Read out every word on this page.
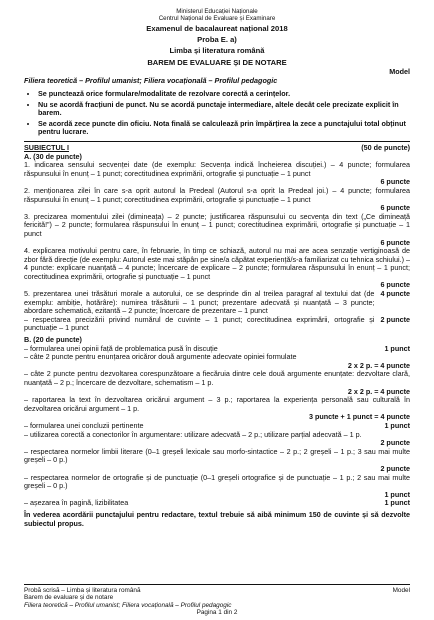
Ministerul Educației Naționale
Centrul Național de Evaluare și Examinare
Examenul de bacalaureat național 2018
Proba E. a)
Limba și literatura română
BAREM DE EVALUARE ȘI DE NOTARE
Model
Filiera teoretică – Profilul umanist; Filiera vocațională – Profilul pedagogic
• Se punctează orice formulare/modalitate de rezolvare corectă a cerințelor.
• Nu se acordă fracțiuni de punct. Nu se acordă punctaje intermediare, altele decât cele precizate explicit în barem.
• Se acordă zece puncte din oficiu. Nota finală se calculează prin împărțirea la zece a punctajului total obținut pentru lucrare.
SUBIECTUL I	(50 de puncte)
A. (30 de puncte)
1. indicarea sensului secvenței date (de exemplu: Secvența indică încheierea discuției.) – 4 puncte; formularea răspunsului în enunț – 1 punct; corectitudinea exprimării, ortografie și punctuație – 1 punct
6 puncte
2. menționarea zilei în care s-a oprit autorul la Predeal (Autorul s-a oprit la Predeal joi.) – 4 puncte; formularea răspunsului în enunț – 1 punct; corectitudinea exprimării, ortografie și punctuație – 1 punct
6 puncte
3. precizarea momentului zilei (dimineața) – 2 puncte; justificarea răspunsului cu secvența din text („Ce dimineață fericită!”) – 2 puncte; formularea răspunsului în enunț – 1 punct; corectitudinea exprimării, ortografie și punctuație – 1 punct
6 puncte
4. explicarea motivului pentru care, în februarie, în timp ce schiază, autorul nu mai are acea senzație vertiginoasă de zbor fără direcție (de exemplu: Autorul este mai stăpân pe sine/a căpătat experiență/s-a familiarizat cu tehnica schiului.) – 4 puncte: explicare nuanțată – 4 puncte; încercare de explicare – 2 puncte; formularea răspunsului în enunț – 1 punct; corectitudinea exprimării, ortografie și punctuație – 1 punct
6 puncte
5. prezentarea unei trăsături morale a autorului, ce se desprinde din al treilea paragraf al textului dat (de exemplu: ambiție, hotărâre): numirea trăsăturii – 1 punct; prezentare adecvată și nuanțată – 3 puncte; abordare schematică, ezitantă – 2 puncte; încercare de prezentare – 1 punct
4 puncte
– respectarea precizării privind numărul de cuvinte – 1 punct; corectitudinea exprimării, ortografie și punctuație – 1 punct
2 puncte
B. (20 de puncte)
– formularea unei opinii față de problematica pusă în discuție	1 punct
– câte 2 puncte pentru enunțarea oricăror două argumente adecvate opiniei formulate
2 x 2 p. = 4 puncte
– câte 2 puncte pentru dezvoltarea corespunzătoare a fiecăruia dintre cele două argumente enunțate: dezvoltare clară, nuanțată – 2 p.; încercare de dezvoltare, schematism – 1 p.
2 x 2 p. = 4 puncte
– raportarea la text în dezvoltarea oricărui argument – 3 p.; raportarea la experiența personală sau culturală în dezvoltarea oricărui argument – 1 p.
3 puncte + 1 punct = 4 puncte
– formularea unei concluzii pertinente	1 punct
– utilizarea corectă a conectorilor în argumentare: utilizare adecvată – 2 p.; utilizare parțial adecvată – 1 p.
2 puncte
– respectarea normelor limbii literare (0–1 greșeli lexicale sau morfo-sintactice – 2 p.; 2 greșeli – 1 p.; 3 sau mai multe greșeli – 0 p.)
2 puncte
– respectarea normelor de ortografie și de punctuație (0–1 greșeli ortografice și de punctuație – 1 p.; 2 sau mai multe greșeli – 0 p.)
1 punct
– așezarea în pagină, lizibilitatea	1 punct
În vederea acordării punctajului pentru redactare, textul trebuie să aibă minimum 150 de cuvinte și să dezvolte subiectul propus.
Probă scrisă – Limba și literatura română	Model
Barem de evaluare și de notare
Filiera teoretică – Profilul umanist; Filiera vocațională – Profilul pedagogic
Pagina 1 din 2
